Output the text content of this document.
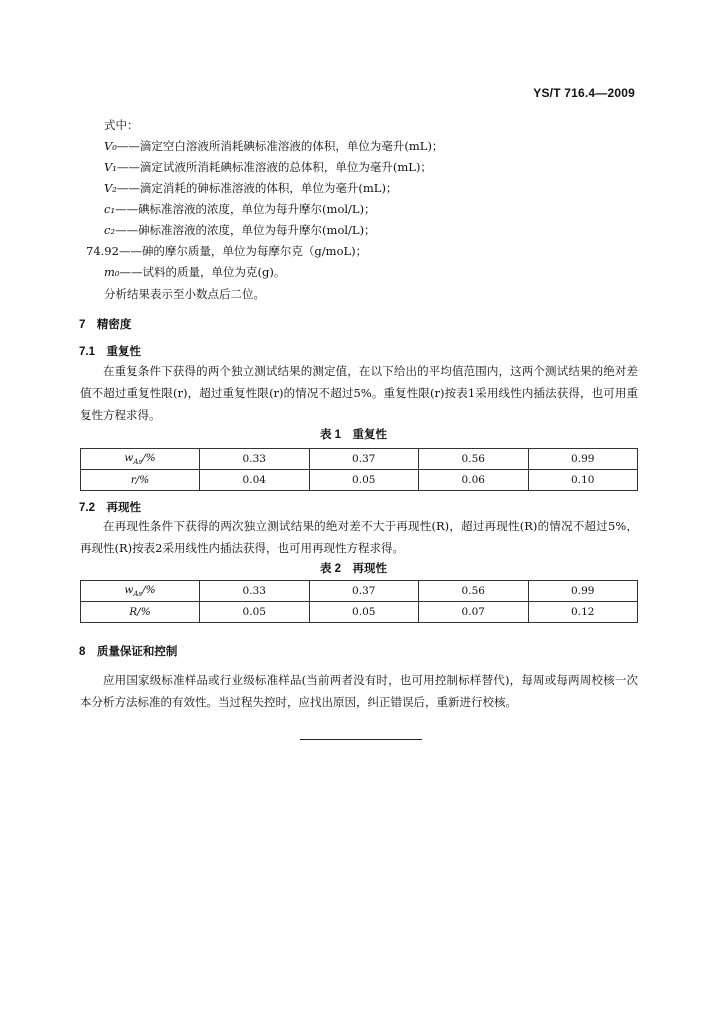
YS/T 716.4—2009
式中：
V₀——滴定空白溶液所消耗碘标准溶液的体积，单位为毫升(mL)；
V₁——滴定试液所消耗碘标准溶液的总体积，单位为毫升(mL)；
V₂——滴定消耗的砷标准溶液的体积，单位为毫升(mL)；
c₁——碘标准溶液的浓度，单位为每升摩尔(mol/L)；
c₂——砷标准溶液的浓度，单位为每升摩尔(mol/L)；
74.92——砷的摩尔质量，单位为每摩尔克（g/moL)；
m₀——试料的质量，单位为克(g)。
分析结果表示至小数点后二位。
7　精密度
7.1　重复性
在重复条件下获得的两个独立测试结果的测定值，在以下给出的平均值范围内，这两个测试结果的绝对差值不超过重复性限(r)，超过重复性限(r)的情况不超过5%。重复性限(r)按表1采用线性内插法获得，也可用重复性方程求得。
表 1　重复性
$w_{As}/\%$	0.33	0.37	0.56	0.99
r/%	0.04	0.05	0.06	0.10
7.2　再现性
在再现性条件下获得的两次独立测试结果的绝对差不大于再现性(R)，超过再现性(R)的情况不超过5%，再现性(R)按表2采用线性内插法获得，也可用再现性方程求得。
表 2　再现性
$w_{As}/\%$	0.33	0.37	0.56	0.99
R/%	0.05	0.05	0.07	0.12
8　质量保证和控制
应用国家级标准样品或行业级标准样品(当前两者没有时，也可用控制标样替代)，每周或每两周校核一次本分析方法标准的有效性。当过程失控时，应找出原因，纠正错误后，重新进行校核。
